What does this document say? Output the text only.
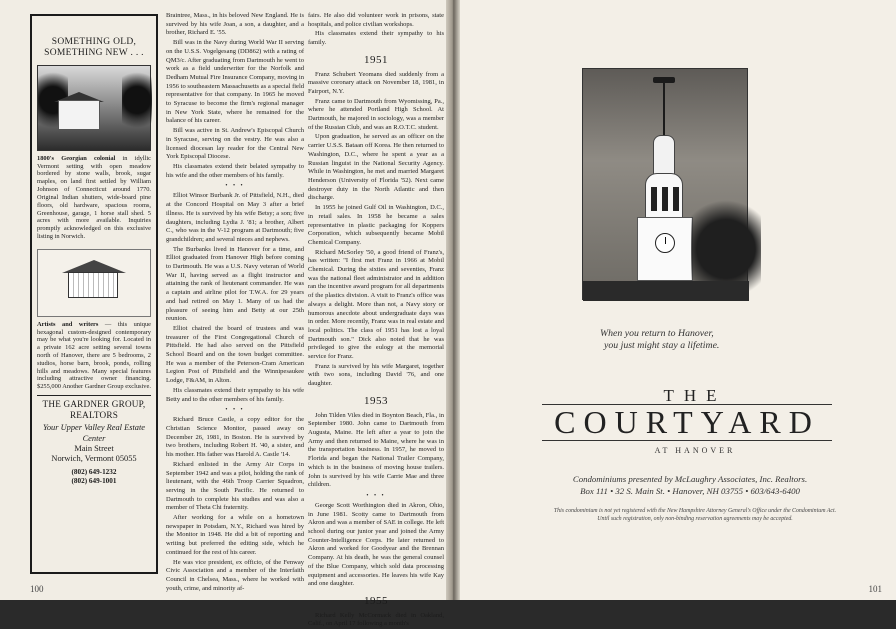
SOMETHING OLD, SOMETHING NEW . . .

1800's Georgian colonial in idyllic Vermont setting with open meadow bordered by stone walls, brook, sugar maples, on land first settled by William Johnson of Connecticut around 1770. Original Indian shutters, wide-board pine floors, old hardware, spacious rooms, Greenhouse, garage, 1 horse stall shed. 5 acres with more available. Inquiries promptly acknowledged on this exclusive listing in Norwich.

Artists and writers — this unique hexagonal custom-designed contemporary may be what you're looking for. Located in a private 162 acre setting several towns north of Hanover, there are 5 bedrooms, 2 studios, horse barn, brook, ponds, rolling hills and meadows. Many special features including attractive owner financing. $255,000 Another Gardner Group exclusive.

THE GARDNER GROUP, REALTORS
Your Upper Valley Real Estate Center
Main Street
Norwich, Vermont 05055
(802) 649-1232
(802) 649-1001

Braintree, Mass., in his beloved New England. He is survived by his wife Joan, a son, a daughter, and a brother, Richard E. '55.

Bill was in the Navy during World War II serving on the U.S.S. Vogelgesang (DD862) with a rating of QM3/c. After graduating from Dartmouth he went to work as a field underwriter for the Norfolk and Dedham Mutual Fire Insurance Company, moving in 1956 to southeastern Massachusetts as a special field representative for that company. In 1965 he moved to Syracuse to become the firm's regional manager in New York State, where he remained for the balance of his career.

Bill was active in St. Andrew's Episcopal Church in Syracuse, serving on the vestry. He was also a licensed diocesan lay reader for the Central New York Episcopal Diocese.

His classmates extend their belated sympathy to his wife and the other members of his family.

• • •

Elliot Winsor Burbank Jr. of Pittsfield, N.H., died at the Concord Hospital on May 3 after a brief illness. He is survived by his wife Betsy; a son; five daughters, including Lydia J. '81; a brother, Albert C., who was in the V-12 program at Dartmouth; five grandchildren; and several nieces and nephews.

The Burbanks lived in Hanover for a time, and Elliot graduated from Hanover High before coming to Dartmouth. He was a U.S. Navy veteran of World War II, having served as a flight instructor and attaining the rank of lieutenant commander. He was a captain and airline pilot for T.W.A. for 29 years and had retired on May 1. Many of us had the pleasure of seeing him and Betty at our 25th reunion.

Elliot chaired the board of trustees and was treasurer of the First Congregational Church of Pittsfield. He had also served on the Pittsfield School Board and on the town budget committee. He was a member of the Peterson-Cram American Legion Post of Pittsfield and the Winnipesaukee Lodge, F&AM, in Alton.

His classmates extend their sympathy to his wife Betty and to the other members of his family.

• • •

Richard Bruce Castle, a copy editor for the Christian Science Monitor, passed away on December 26, 1981, in Boston. He is survived by two brothers, including Robert H. '40, a sister, and his mother. His father was Harold A. Castle '14.

Richard enlisted in the Army Air Corps in September 1942 and was a pilot, holding the rank of lieutenant, with the 46th Troop Carrier Squadron, serving in the South Pacific. He returned to Dartmouth to complete his studies and was also a member of Theta Chi fraternity.

After working for a while on a hometown newspaper in Potsdam, N.Y., Richard was hired by the Monitor in 1948. He did a bit of reporting and writing but preferred the editing side, which he continued for the rest of his career.

He was vice president, ex officio, of the Fenway Civic Association and a member of the Interfaith Council in Chelsea, Mass., where he worked with youth, crime, and minority af-

fairs. He also did volunteer work in prisons, state hospitals, and police civilian workshops.

His classmates extend their sympathy to his family.

1951

Franz Schubert Yeomans died suddenly from a massive coronary attack on November 18, 1981, in Fairport, N.Y.

Franz came to Dartmouth from Wyomissing, Pa., where he attended Portland High School. At Dartmouth, he majored in sociology, was a member of the Russian Club, and was an R.O.T.C. student.

Upon graduation, he served as an officer on the carrier U.S.S. Bataan off Korea. He then returned to Washington, D.C., where he spent a year as a Russian linguist in the National Security Agency. While in Washington, he met and married Margaret Henderson (University of Florida '52). Next came destroyer duty in the North Atlantic and then discharge.

In 1955 he joined Gulf Oil in Washington, D.C., in retail sales. In 1958 he became a sales representative in plastic packaging for Koppers Corporation, which subsequently became Mobil Chemical Company.

Richard McSorley '50, a good friend of Franz's, has written: "I first met Franz in 1966 at Mobil Chemical. During the sixties and seventies, Franz was the national fleet administrator and in addition ran the incentive award program for all departments of the plastics division. A visit to Franz's office was always a delight. More than not, a Navy story or humorous anecdote about undergraduate days was in order. More recently, Franz was in real estate and local politics. The class of 1951 has lost a loyal Dartmouth son." Dick also noted that he was privileged to give the eulogy at the memorial service for Franz.

Franz is survived by his wife Margaret, together with two sons, including David '76, and one daughter.

1953

John Tilden Viles died in Boynton Beach, Fla., in September 1980. John came to Dartmouth from Augusta, Maine. He left after a year to join the Army and then returned to Maine, where he was in the transportation business. In 1957, he moved to Florida and began the National Trailer Company, which is in the business of moving house trailers. John is survived by his wife Carrie Mae and three children.

• • •

George Scott Worthington died in Akron, Ohio, in June 1981. Scotty came to Dartmouth from Akron and was a member of SAE in college. He left school during our junior year and joined the Army Counter-Intelligence Corps. He later returned to Akron and worked for Goodyear and the Brennan Company. At his death, he was the general counsel of the Blue Company, which sold data processing equipment and accessories. He leaves his wife Kay and one daughter.

1955

Richard Kelly McCormack died in Oakland, Calif., on April 17 following a month's

100
When you return to Hanover,
you just might stay a lifetime.
THE
COURTYARD
AT HANOVER
Condominiums presented by McLaughry Associates, Inc. Realtors.
Box 111 • 32 S. Main St. • Hanover, NH 03755 • 603/643-6400
This condominium is not yet registered with the New Hampshire Attorney General's Office under the Condominium Act. Until such registration, only non-binding reservation agreements may be accepted.
101
